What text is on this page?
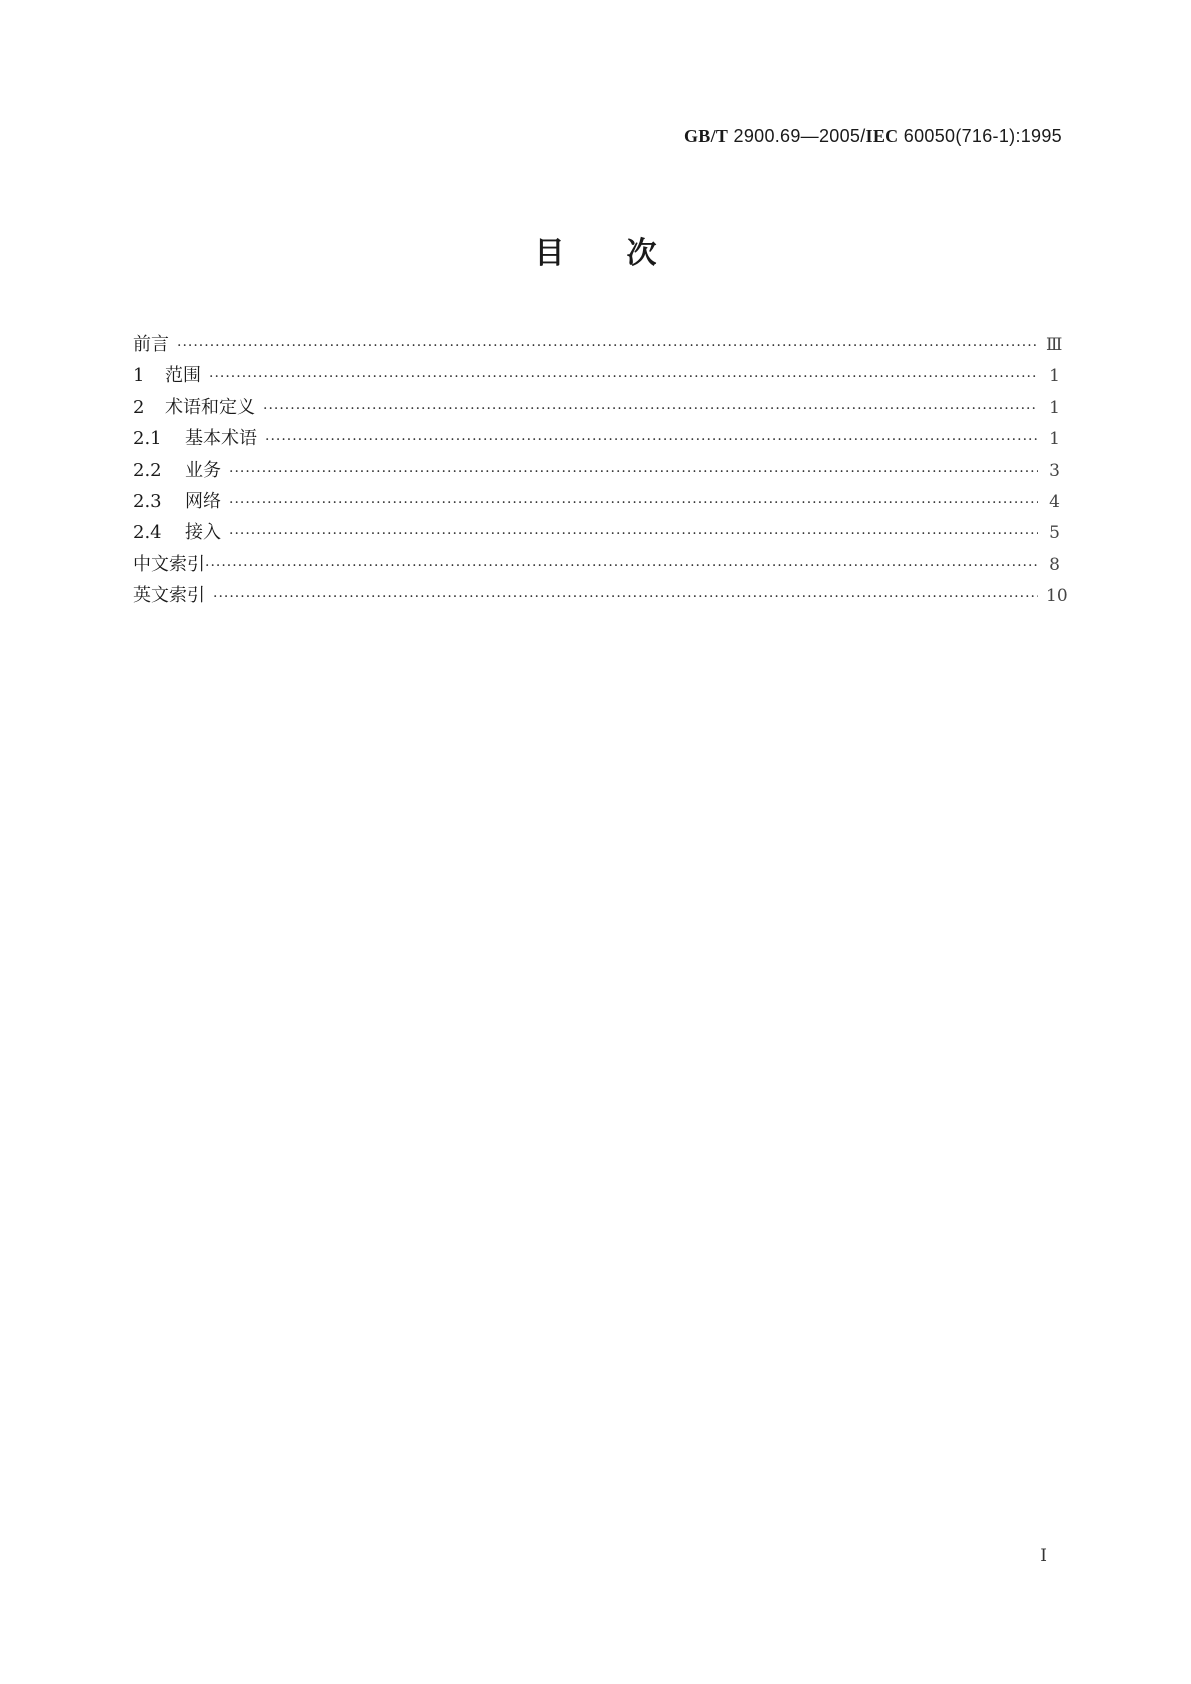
GB/T 2900.69—2005/IEC 60050(716-1):1995
目次
前言 ·····	Ⅲ
1	范围 ·····	1
2	术语和定义 ·····	1
2.1	基本术语 ·····	1
2.2	业务 ·····	3
2.3	网络 ·····	4
2.4	接入 ·····	5
中文索引 ·····	8
英文索引 ·····	10
Ⅰ
